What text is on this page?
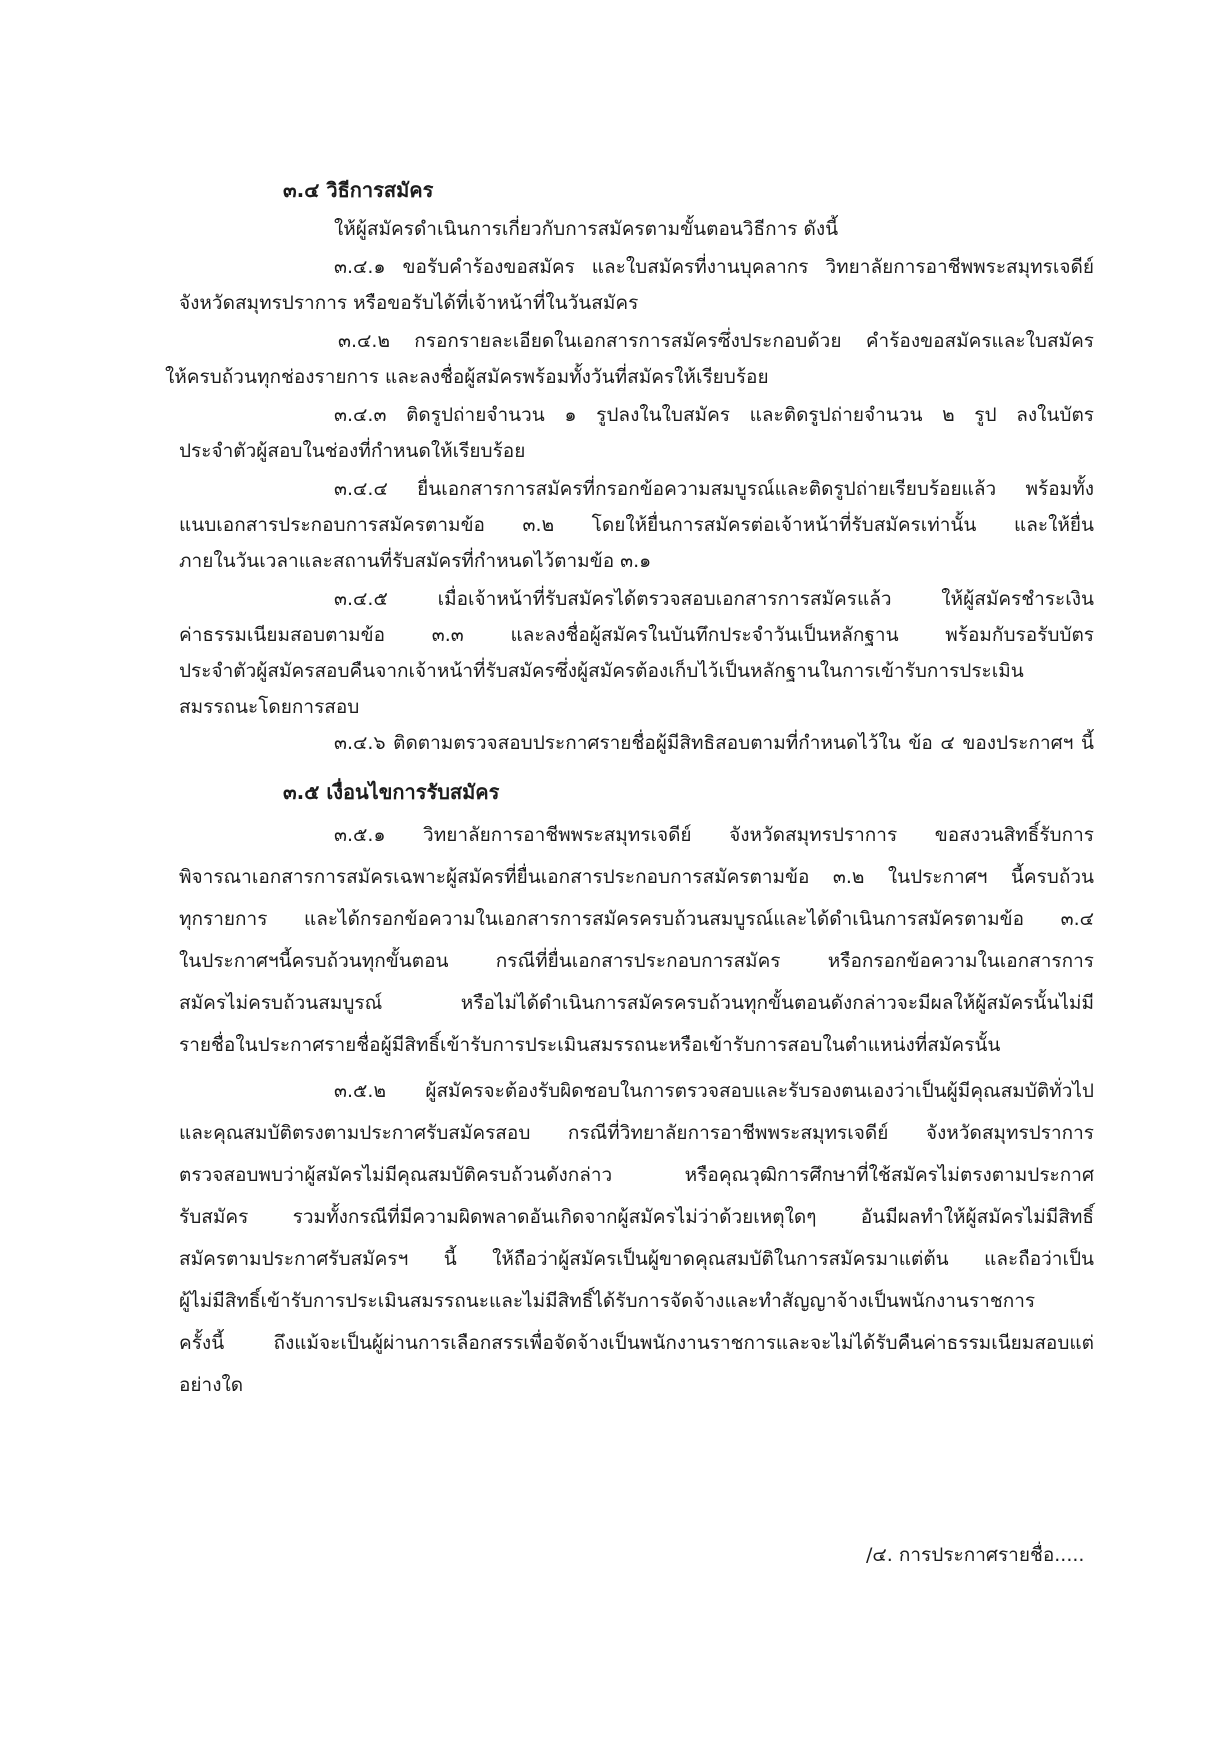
๓.๔ วิธีการสมัคร
ให้ผู้สมัครดำเนินการเกี่ยวกับการสมัครตามขั้นตอนวิธีการ ดังนี้
๓.๔.๑ ขอรับคำร้องขอสมัคร และใบสมัครที่งานบุคลากร วิทยาลัยการอาชีพพระสมุทรเจดีย์
จังหวัดสมุทรปราการ หรือขอรับได้ที่เจ้าหน้าที่ในวันสมัคร
๓.๔.๒ กรอกรายละเอียดในเอกสารการสมัครซึ่งประกอบด้วย คำร้องขอสมัครและใบสมัคร
ให้ครบถ้วนทุกช่องรายการ และลงชื่อผู้สมัครพร้อมทั้งวันที่สมัครให้เรียบร้อย
๓.๔.๓ ติดรูปถ่ายจำนวน ๑ รูปลงในใบสมัคร และติดรูปถ่ายจำนวน ๒ รูป ลงในบัตร
ประจำตัวผู้สอบในช่องที่กำหนดให้เรียบร้อย
๓.๔.๔ ยื่นเอกสารการสมัครที่กรอกข้อความสมบูรณ์และติดรูปถ่ายเรียบร้อยแล้ว พร้อมทั้ง
แนบเอกสารประกอบการสมัครตามข้อ ๓.๒ โดยให้ยื่นการสมัครต่อเจ้าหน้าที่รับสมัครเท่านั้น และให้ยื่น
ภายในวันเวลาและสถานที่รับสมัครที่กำหนดไว้ตามข้อ ๓.๑
๓.๔.๕ เมื่อเจ้าหน้าที่รับสมัครได้ตรวจสอบเอกสารการสมัครแล้ว ให้ผู้สมัครชำระเงิน
ค่าธรรมเนียมสอบตามข้อ ๓.๓ และลงชื่อผู้สมัครในบันทึกประจำวันเป็นหลักฐาน พร้อมกับรอรับบัตร
ประจำตัวผู้สมัครสอบคืนจากเจ้าหน้าที่รับสมัครซึ่งผู้สมัครต้องเก็บไว้เป็นหลักฐานในการเข้ารับการประเมิน
สมรรถนะโดยการสอบ
๓.๔.๖ ติดตามตรวจสอบประกาศรายชื่อผู้มีสิทธิสอบตามที่กำหนดไว้ใน ข้อ ๔ ของประกาศฯ นี้
๓.๕ เงื่อนไขการรับสมัคร
๓.๕.๑ วิทยาลัยการอาชีพพระสมุทรเจดีย์ จังหวัดสมุทรปราการ ขอสงวนสิทธิ์รับการ
พิจารณาเอกสารการสมัครเฉพาะผู้สมัครที่ยื่นเอกสารประกอบการสมัครตามข้อ ๓.๒ ในประกาศฯ นี้ครบถ้วน
ทุกรายการ และได้กรอกข้อความในเอกสารการสมัครครบถ้วนสมบูรณ์และได้ดำเนินการสมัครตามข้อ ๓.๔
ในประกาศฯนี้ครบถ้วนทุกขั้นตอน กรณีที่ยื่นเอกสารประกอบการสมัคร หรือกรอกข้อความในเอกสารการ
สมัครไม่ครบถ้วนสมบูรณ์ หรือไม่ได้ดำเนินการสมัครครบถ้วนทุกขั้นตอนดังกล่าวจะมีผลให้ผู้สมัครนั้นไม่มี
รายชื่อในประกาศรายชื่อผู้มีสิทธิ์เข้ารับการประเมินสมรรถนะหรือเข้ารับการสอบในตำแหน่งที่สมัครนั้น
๓.๕.๒ ผู้สมัครจะต้องรับผิดชอบในการตรวจสอบและรับรองตนเองว่าเป็นผู้มีคุณสมบัติทั่วไป
และคุณสมบัติตรงตามประกาศรับสมัครสอบ กรณีที่วิทยาลัยการอาชีพพระสมุทรเจดีย์ จังหวัดสมุทรปราการ
ตรวจสอบพบว่าผู้สมัครไม่มีคุณสมบัติครบถ้วนดังกล่าว หรือคุณวุฒิการศึกษาที่ใช้สมัครไม่ตรงตามประกาศ
รับสมัคร รวมทั้งกรณีที่มีความผิดพลาดอันเกิดจากผู้สมัครไม่ว่าด้วยเหตุใดๆ อันมีผลทำให้ผู้สมัครไม่มีสิทธิ์
สมัครตามประกาศรับสมัครฯ นี้ ให้ถือว่าผู้สมัครเป็นผู้ขาดคุณสมบัติในการสมัครมาแต่ต้น และถือว่าเป็น
ผู้ไม่มีสิทธิ์เข้ารับการประเมินสมรรถนะและไม่มีสิทธิ์ได้รับการจัดจ้างและทำสัญญาจ้างเป็นพนักงานราชการ
ครั้งนี้ ถึงแม้จะเป็นผู้ผ่านการเลือกสรรเพื่อจัดจ้างเป็นพนักงานราชการและจะไม่ได้รับคืนค่าธรรมเนียมสอบแต่
อย่างใด
/๔. การประกาศรายชื่อ.....
